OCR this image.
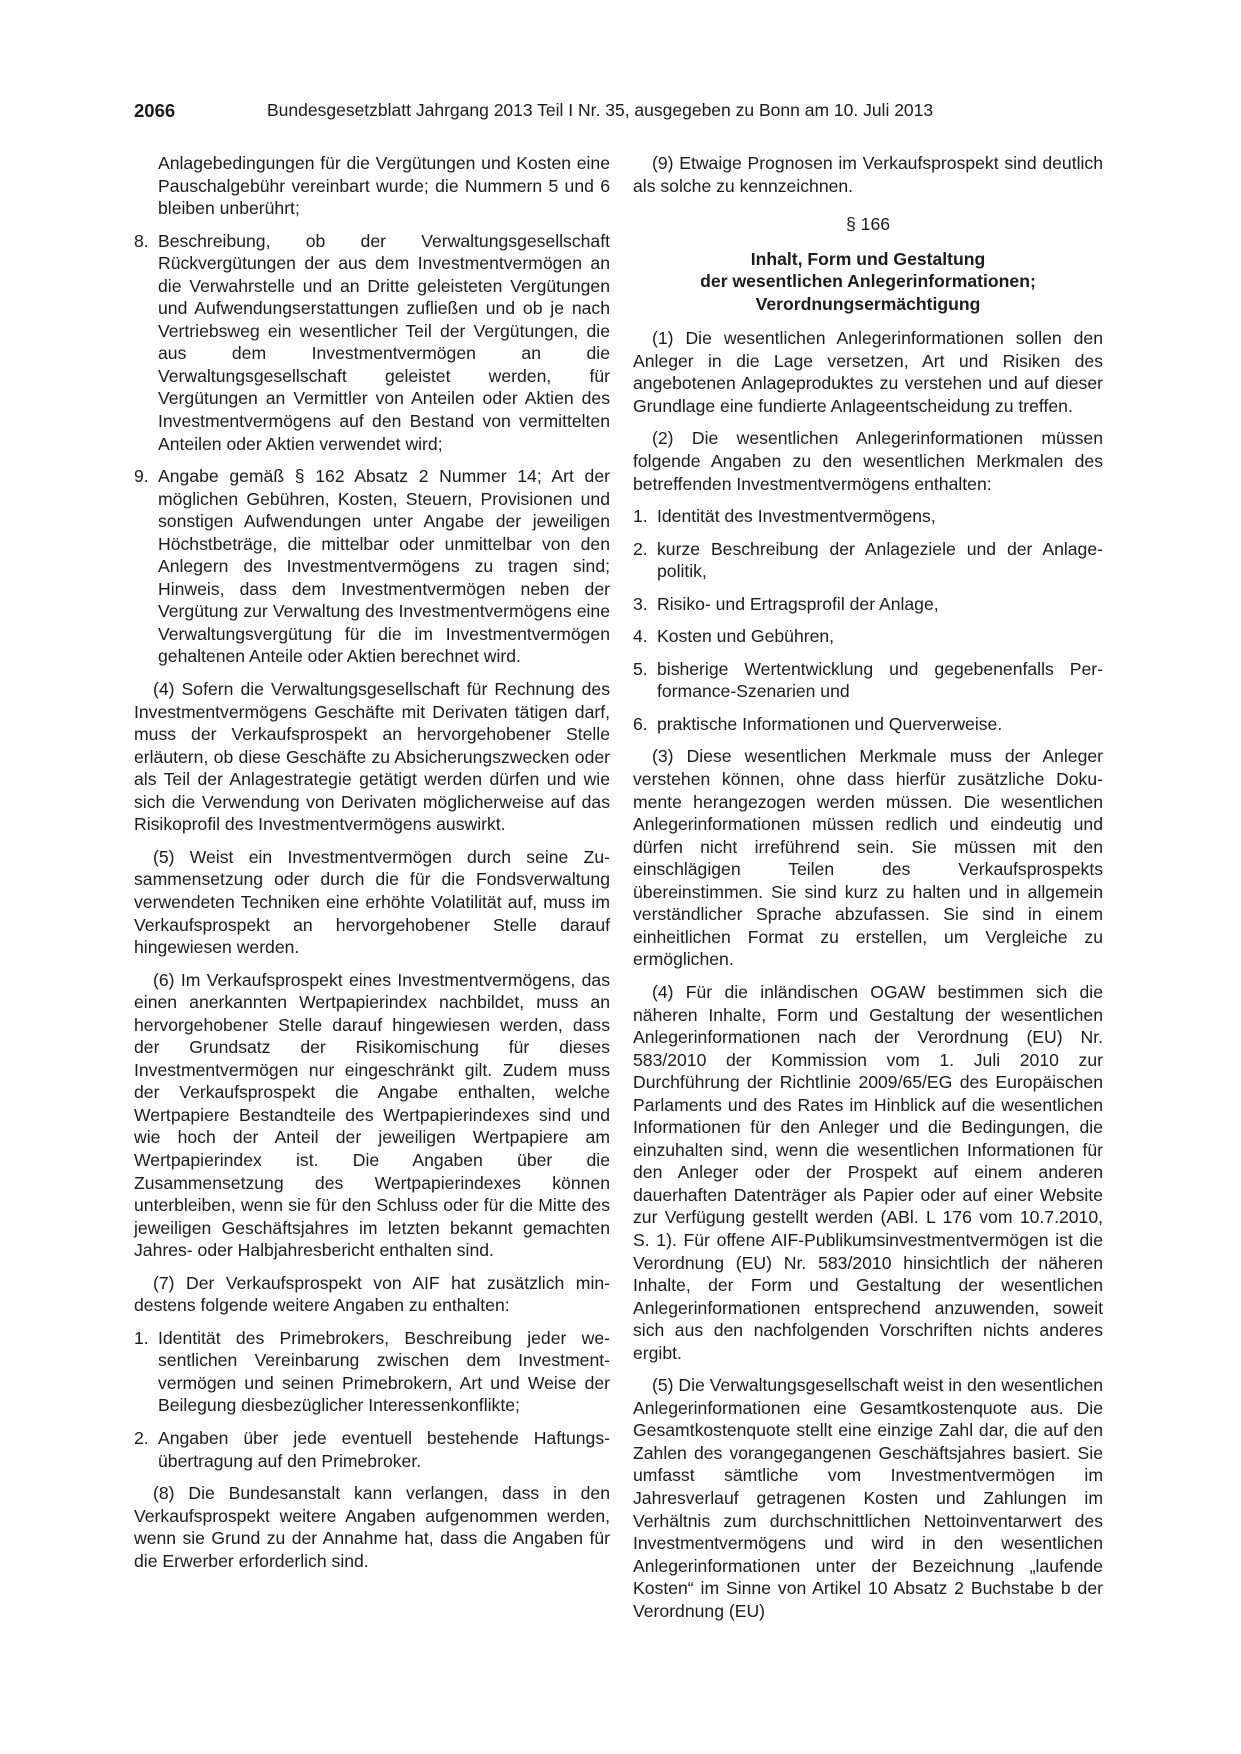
2066	Bundesgesetzblatt Jahrgang 2013 Teil I Nr. 35, ausgegeben zu Bonn am 10. Juli 2013
Anlagebedingungen für die Vergütungen und Kosten eine Pauschalgebühr vereinbart wurde; die Nummern 5 und 6 bleiben unberührt;
8. Beschreibung, ob der Verwaltungsgesellschaft Rückvergütungen der aus dem Investmentvermögen an die Verwahrstelle und an Dritte geleisteten Vergütungen und Aufwendungserstattungen zufließen und ob je nach Vertriebsweg ein wesentlicher Teil der Vergütungen, die aus dem Investmentvermögen an die Verwaltungsgesellschaft geleistet werden, für Vergütungen an Vermittler von Anteilen oder Aktien des Investmentvermögens auf den Bestand von vermittelten Anteilen oder Aktien verwendet wird;
9. Angabe gemäß § 162 Absatz 2 Nummer 14; Art der möglichen Gebühren, Kosten, Steuern, Provisionen und sonstigen Aufwendungen unter Angabe der jeweiligen Höchstbeträge, die mittelbar oder unmittelbar von den Anlegern des Investmentvermögens zu tragen sind; Hinweis, dass dem Investmentvermögen neben der Vergütung zur Verwaltung des Investmentvermögens eine Verwaltungsvergütung für die im Investmentvermögen gehaltenen Anteile oder Aktien berechnet wird.

(4) Sofern die Verwaltungsgesellschaft für Rechnung des Investmentvermögens Geschäfte mit Derivaten tätigen darf, muss der Verkaufsprospekt an hervorgehobener Stelle erläutern, ob diese Geschäfte zu Absicherungszwecken oder als Teil der Anlagestrategie getätigt werden dürfen und wie sich die Verwendung von Derivaten möglicherweise auf das Risikoprofil des Investmentvermögens auswirkt.

(5) Weist ein Investmentvermögen durch seine Zusammensetzung oder durch die für die Fondsverwaltung verwendeten Techniken eine erhöhte Volatilität auf, muss im Verkaufsprospekt an hervorgehobener Stelle darauf hingewiesen werden.

(6) Im Verkaufsprospekt eines Investmentvermögens, das einen anerkannten Wertpapierindex nachbildet, muss an hervorgehobener Stelle darauf hingewiesen werden, dass der Grundsatz der Risikomischung für dieses Investmentvermögen nur eingeschränkt gilt. Zudem muss der Verkaufsprospekt die Angabe enthalten, welche Wertpapiere Bestandteile des Wertpapierindexes sind und wie hoch der Anteil der jeweiligen Wertpapiere am Wertpapierindex ist. Die Angaben über die Zusammensetzung des Wertpapierindexes können unterbleiben, wenn sie für den Schluss oder für die Mitte des jeweiligen Geschäftsjahres im letzten bekannt gemachten Jahres- oder Halbjahresbericht enthalten sind.

(7) Der Verkaufsprospekt von AIF hat zusätzlich mindestens folgende weitere Angaben zu enthalten:

1. Identität des Primebrokers, Beschreibung jeder wesentlichen Vereinbarung zwischen dem Investmentvermögen und seinen Primebrokern, Art und Weise der Beilegung diesbezüglicher Interessenkonflikte;
2. Angaben über jede eventuell bestehende Haftungsübertragung auf den Primebroker.

(8) Die Bundesanstalt kann verlangen, dass in den Verkaufsprospekt weitere Angaben aufgenommen werden, wenn sie Grund zu der Annahme hat, dass die Angaben für die Erwerber erforderlich sind.

(9) Etwaige Prognosen im Verkaufsprospekt sind deutlich als solche zu kennzeichnen.

§ 166
Inhalt, Form und Gestaltung
der wesentlichen Anlegerinformationen;
Verordnungsermächtigung

(1) Die wesentlichen Anlegerinformationen sollen den Anleger in die Lage versetzen, Art und Risiken des angebotenen Anlageproduktes zu verstehen und auf dieser Grundlage eine fundierte Anlageentscheidung zu treffen.

(2) Die wesentlichen Anlegerinformationen müssen folgende Angaben zu den wesentlichen Merkmalen des betreffenden Investmentvermögens enthalten:

1. Identität des Investmentvermögens,
2. kurze Beschreibung der Anlageziele und der Anlagepolitik,
3. Risiko- und Ertragsprofil der Anlage,
4. Kosten und Gebühren,
5. bisherige Wertentwicklung und gegebenenfalls Performance-Szenarien und
6. praktische Informationen und Querverweise.

(3) Diese wesentlichen Merkmale muss der Anleger verstehen können, ohne dass hierfür zusätzliche Dokumente herangezogen werden müssen. Die wesentlichen Anlegerinformationen müssen redlich und eindeutig und dürfen nicht irreführend sein. Sie müssen mit den einschlägigen Teilen des Verkaufsprospekts übereinstimmen. Sie sind kurz zu halten und in allgemein verständlicher Sprache abzufassen. Sie sind in einem einheitlichen Format zu erstellen, um Vergleiche zu ermöglichen.

(4) Für die inländischen OGAW bestimmen sich die näheren Inhalte, Form und Gestaltung der wesentlichen Anlegerinformationen nach der Verordnung (EU) Nr. 583/2010 der Kommission vom 1. Juli 2010 zur Durchführung der Richtlinie 2009/65/EG des Europäischen Parlaments und des Rates im Hinblick auf die wesentlichen Informationen für den Anleger und die Bedingungen, die einzuhalten sind, wenn die wesentlichen Informationen für den Anleger oder der Prospekt auf einem anderen dauerhaften Datenträger als Papier oder auf einer Website zur Verfügung gestellt werden (ABl. L 176 vom 10.7.2010, S. 1). Für offene AIF-Publikumsinvestmentvermögen ist die Verordnung (EU) Nr. 583/2010 hinsichtlich der näheren Inhalte, der Form und Gestaltung der wesentlichen Anlegerinformationen entsprechend anzuwenden, soweit sich aus den nachfolgenden Vorschriften nichts anderes ergibt.

(5) Die Verwaltungsgesellschaft weist in den wesentlichen Anlegerinformationen eine Gesamtkostenquote aus. Die Gesamtkostenquote stellt eine einzige Zahl dar, die auf den Zahlen des vorangegangenen Geschäftsjahres basiert. Sie umfasst sämtliche vom Investmentvermögen im Jahresverlauf getragenen Kosten und Zahlungen im Verhältnis zum durchschnittlichen Nettoinventarwert des Investmentvermögens und wird in den wesentlichen Anlegerinformationen unter der Bezeichnung „laufende Kosten“ im Sinne von Artikel 10 Absatz 2 Buchstabe b der Verordnung (EU)
